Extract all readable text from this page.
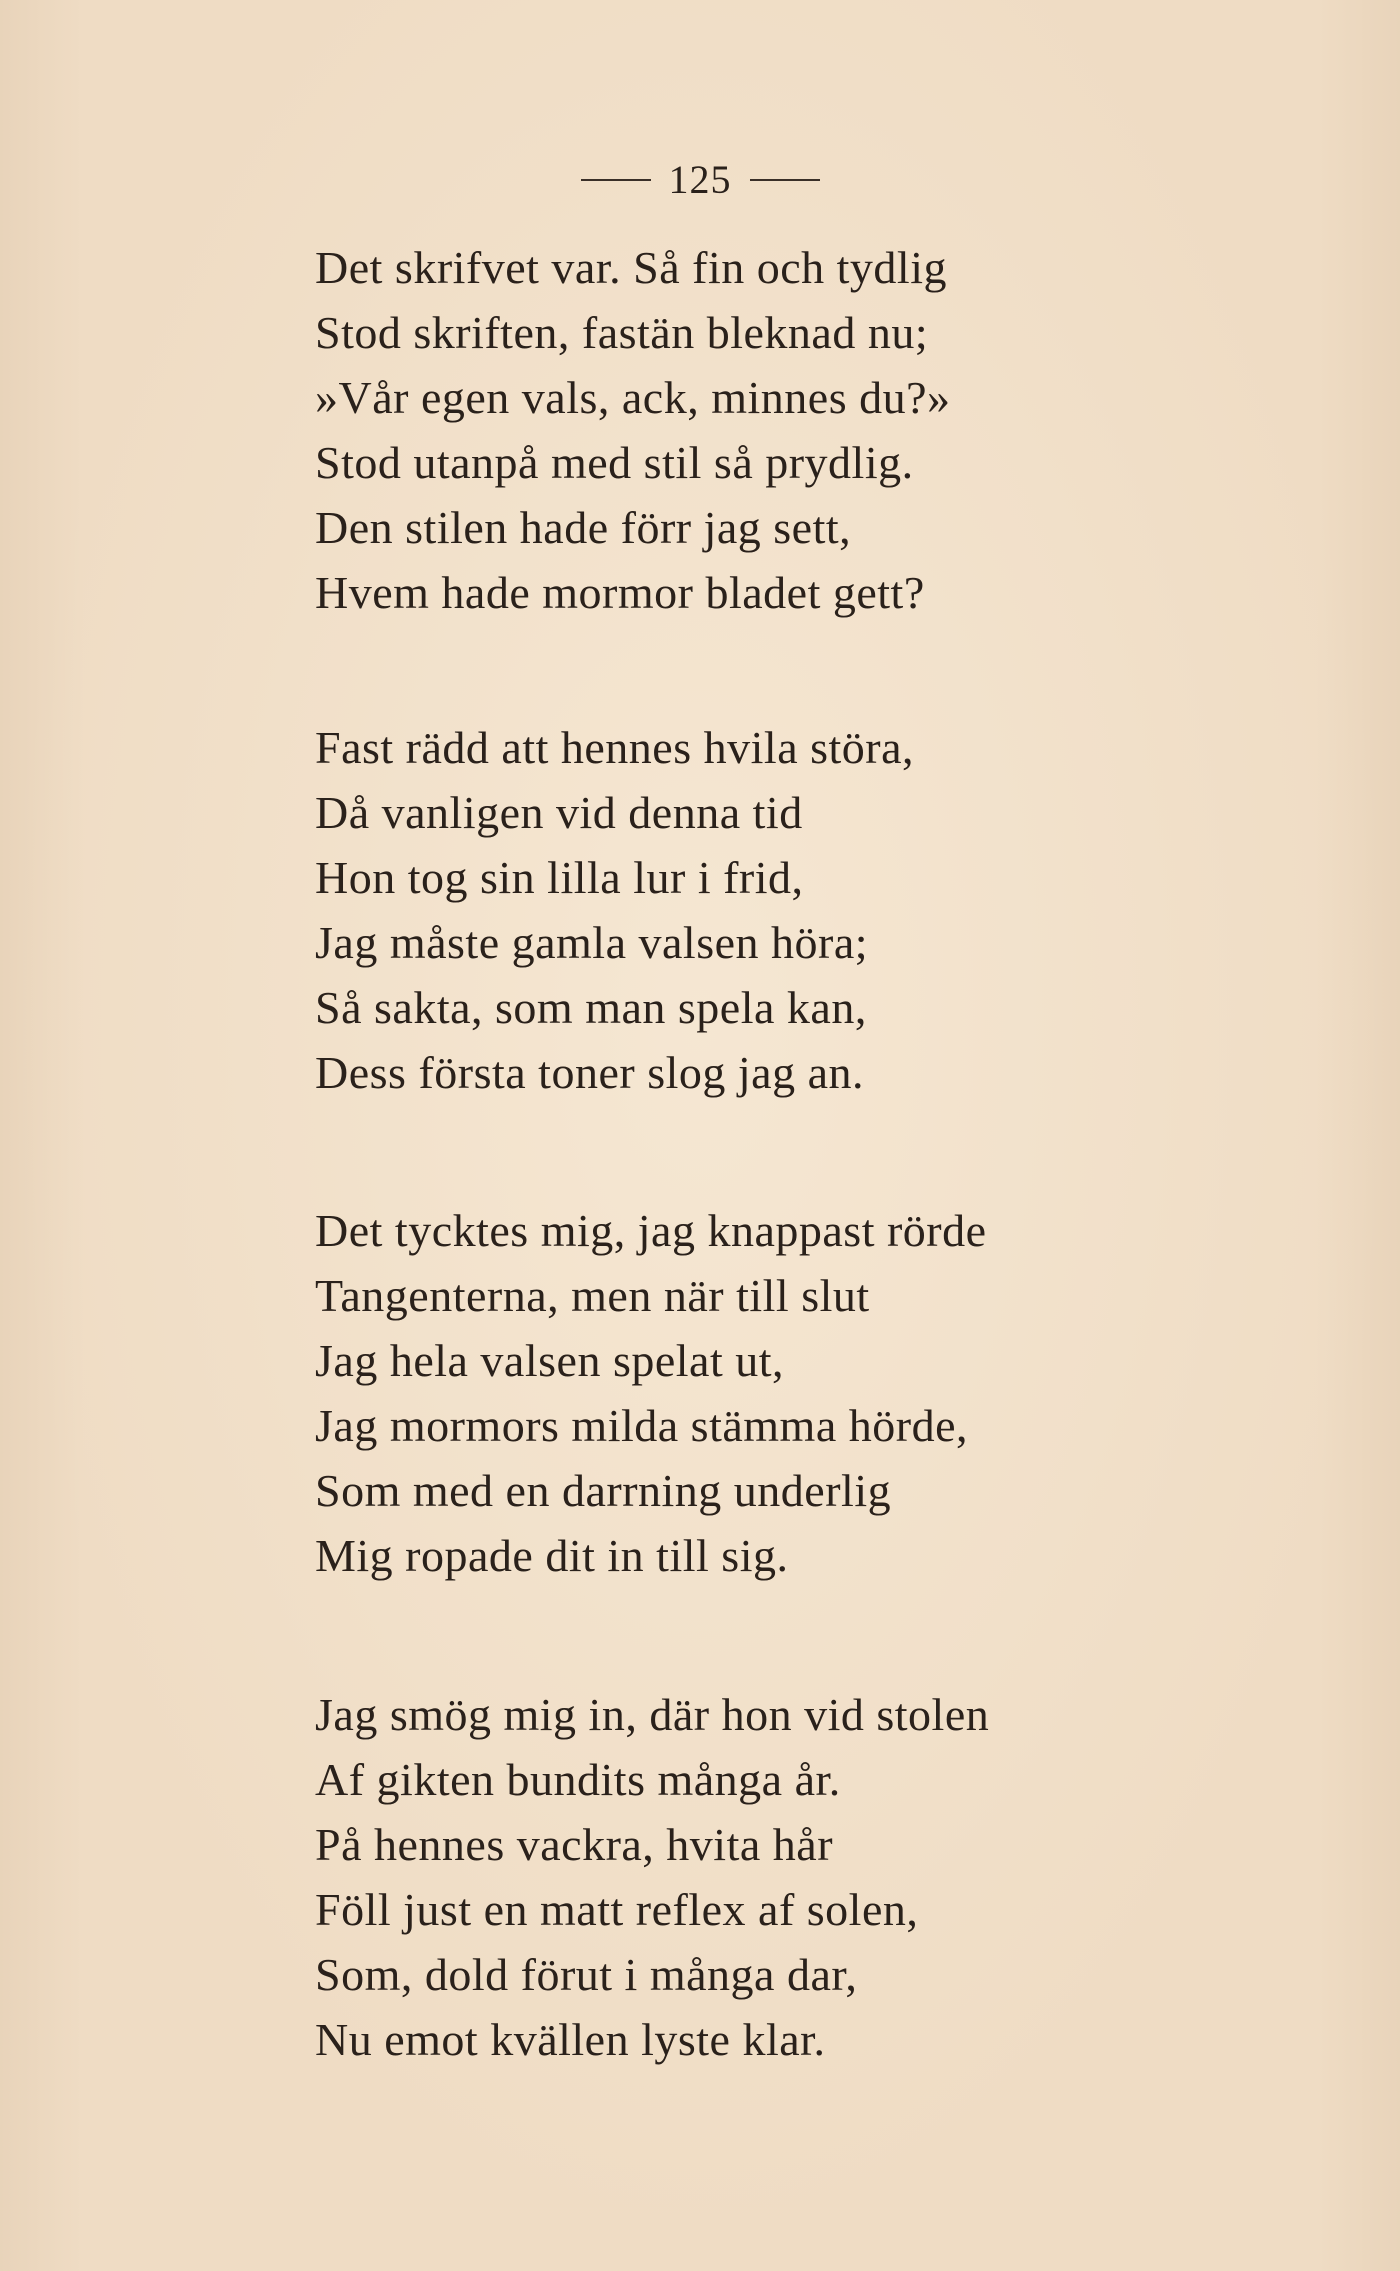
125
Det skrifvet var. Så fin och tydlig
Stod skriften, fastän bleknad nu;
»Vår egen vals, ack, minnes du?»
Stod utanpå med stil så prydlig.
Den stilen hade förr jag sett,
Hvem hade mormor bladet gett?
Fast rädd att hennes hvila störa,
Då vanligen vid denna tid
Hon tog sin lilla lur i frid,
Jag måste gamla valsen höra;
Så sakta, som man spela kan,
Dess första toner slog jag an.
Det tycktes mig, jag knappast rörde
Tangenterna, men när till slut
Jag hela valsen spelat ut,
Jag mormors milda stämma hörde,
Som med en darrning underlig
Mig ropade dit in till sig.
Jag smög mig in, där hon vid stolen
Af gikten bundits många år.
På hennes vackra, hvita hår
Föll just en matt reflex af solen,
Som, dold förut i många dar,
Nu emot kvällen lyste klar.
